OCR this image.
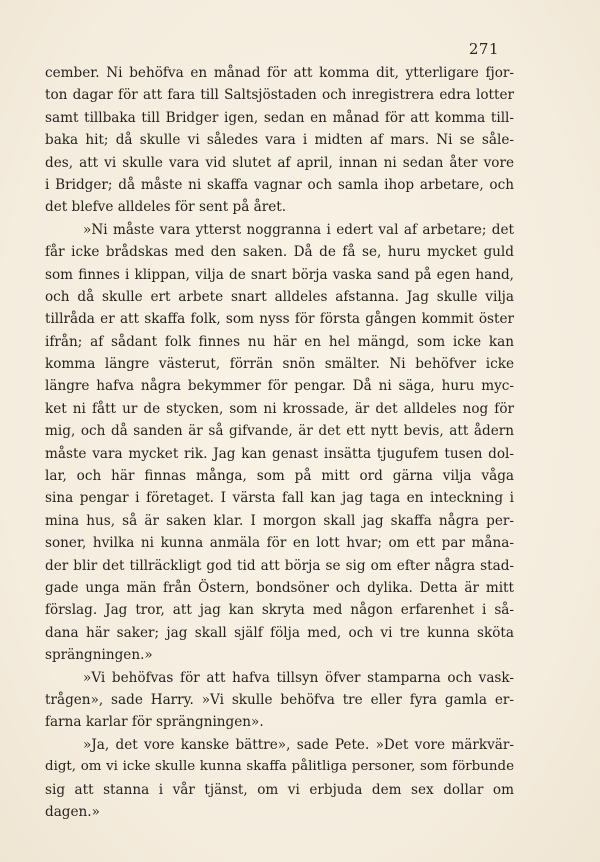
271
cember. Ni behöfva en månad för att komma dit, ytterligare fjor-
ton dagar för att fara till Saltsjöstaden och inregistrera edra lotter
samt tillbaka till Bridger igen, sedan en månad för att komma till-
baka hit; då skulle vi således vara i midten af mars. Ni se såle-
des, att vi skulle vara vid slutet af april, innan ni sedan åter vore
i Bridger; då måste ni skaffa vagnar och samla ihop arbetare, och
det blefve alldeles för sent på året.
»Ni måste vara ytterst noggranna i edert val af arbetare; det
får icke brådskas med den saken. Då de få se, huru mycket guld
som finnes i klippan, vilja de snart börja vaska sand på egen hand,
och då skulle ert arbete snart alldeles afstanna. Jag skulle vilja
tillråda er att skaffa folk, som nyss för första gången kommit öster
ifrån; af sådant folk finnes nu här en hel mängd, som icke kan
komma längre västerut, förrän snön smälter. Ni behöfver icke
längre hafva några bekymmer för pengar. Då ni säga, huru myc-
ket ni fått ur de stycken, som ni krossade, är det alldeles nog för
mig, och då sanden är så gifvande, är det ett nytt bevis, att ådern
måste vara mycket rik. Jag kan genast insätta tjugufem tusen dol-
lar, och här finnas många, som på mitt ord gärna vilja våga
sina pengar i företaget. I värsta fall kan jag taga en inteckning i
mina hus, så är saken klar. I morgon skall jag skaffa några per-
soner, hvilka ni kunna anmäla för en lott hvar; om ett par måna-
der blir det tillräckligt god tid att börja se sig om efter några stad-
gade unga män från Östern, bondsöner och dylika. Detta är mitt
förslag. Jag tror, att jag kan skryta med någon erfarenhet i så-
dana här saker; jag skall själf följa med, och vi tre kunna sköta
sprängningen.»
»Vi behöfvas för att hafva tillsyn öfver stamparna och vask-
trågen», sade Harry. »Vi skulle behöfva tre eller fyra gamla er-
farna karlar för sprängningen».
»Ja, det vore kanske bättre», sade Pete. »Det vore märkvär-
digt, om vi icke skulle kunna skaffa pålitliga personer, som förbunde
sig att stanna i vår tjänst, om vi erbjuda dem sex dollar om
dagen.»
